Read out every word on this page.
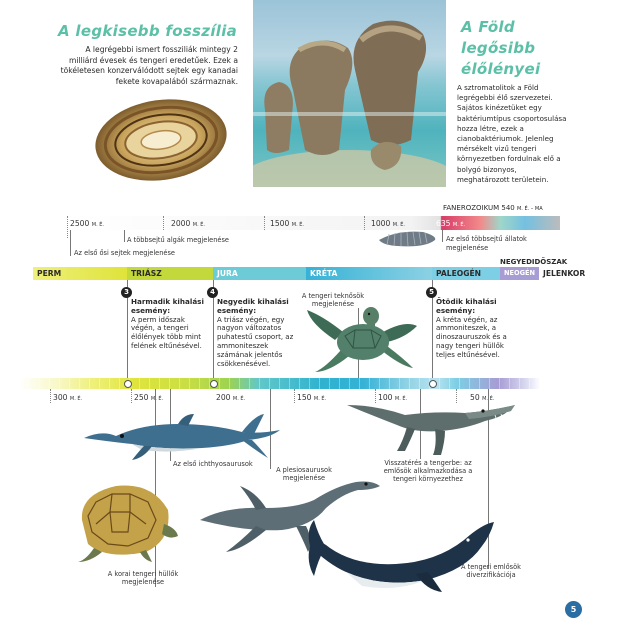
A legkisebb fosszília
A legrégebbi ismert fossziliák mintegy 2 milliárd évesek és tengeri eredetűek. Ezek a tökéletesen konzerválódott sejtek egy kanadai fekete kovapalából származnak.
A Föld
legősibb
élőlényei
A sztromatolitok a Föld legrégebbi élő szervezetei. Sajátos kinézetüket egy baktériumtípus csoportosulása hozza létre, ezek a cianobaktériumok. Jelenleg mérsékelt vizű tengeri környezetben fordulnak elő a bolygó bizonyos, meghatározott területein.
FANEROZOIKUM 540 M. É. – MA
2500 M. É.	2000 M. É.	1500 M. É.	1000 M. É.	635 M. É.
A többsejtű algák megjelenése
Az első ősi sejtek megjelenése
Az első többsejtű állatok megjelenése
NEGYEDIDŐSZAK
PERM	TRIÁSZ	JURA	KRÉTA	PALEOGÉN	NEOGÉN	JELENKOR
3
Harmadik kihalási esemény:
A perm időszak végén, a tengeri élőlények több mint felének eltűnésével.
4
Negyedik kihalási esemény:
A triász végén, egy nagyon változatos puhatestű csoport, az ammoniteszek számának jelentős csökkenésével.
5
Ötödik kihalási esemény:
A kréta végén, az ammoniteszek, a dinoszauruszok és a nagy tengeri hüllők teljes eltűnésével.
A tengeri teknősök megjelenése
300 M. É.	250 M. É.	200 M. É.	150 M. É.	100 M. É.	50 M. É.
Az első ichthyosaurusok
A plesiosaurusok megjelenése
Visszatérés a tengerbe: az emlősök alkalmazkodása a tengeri környezethez
A korai tengeri hüllők megjelenése
A tengeri emlősök diverzifikációja
5
